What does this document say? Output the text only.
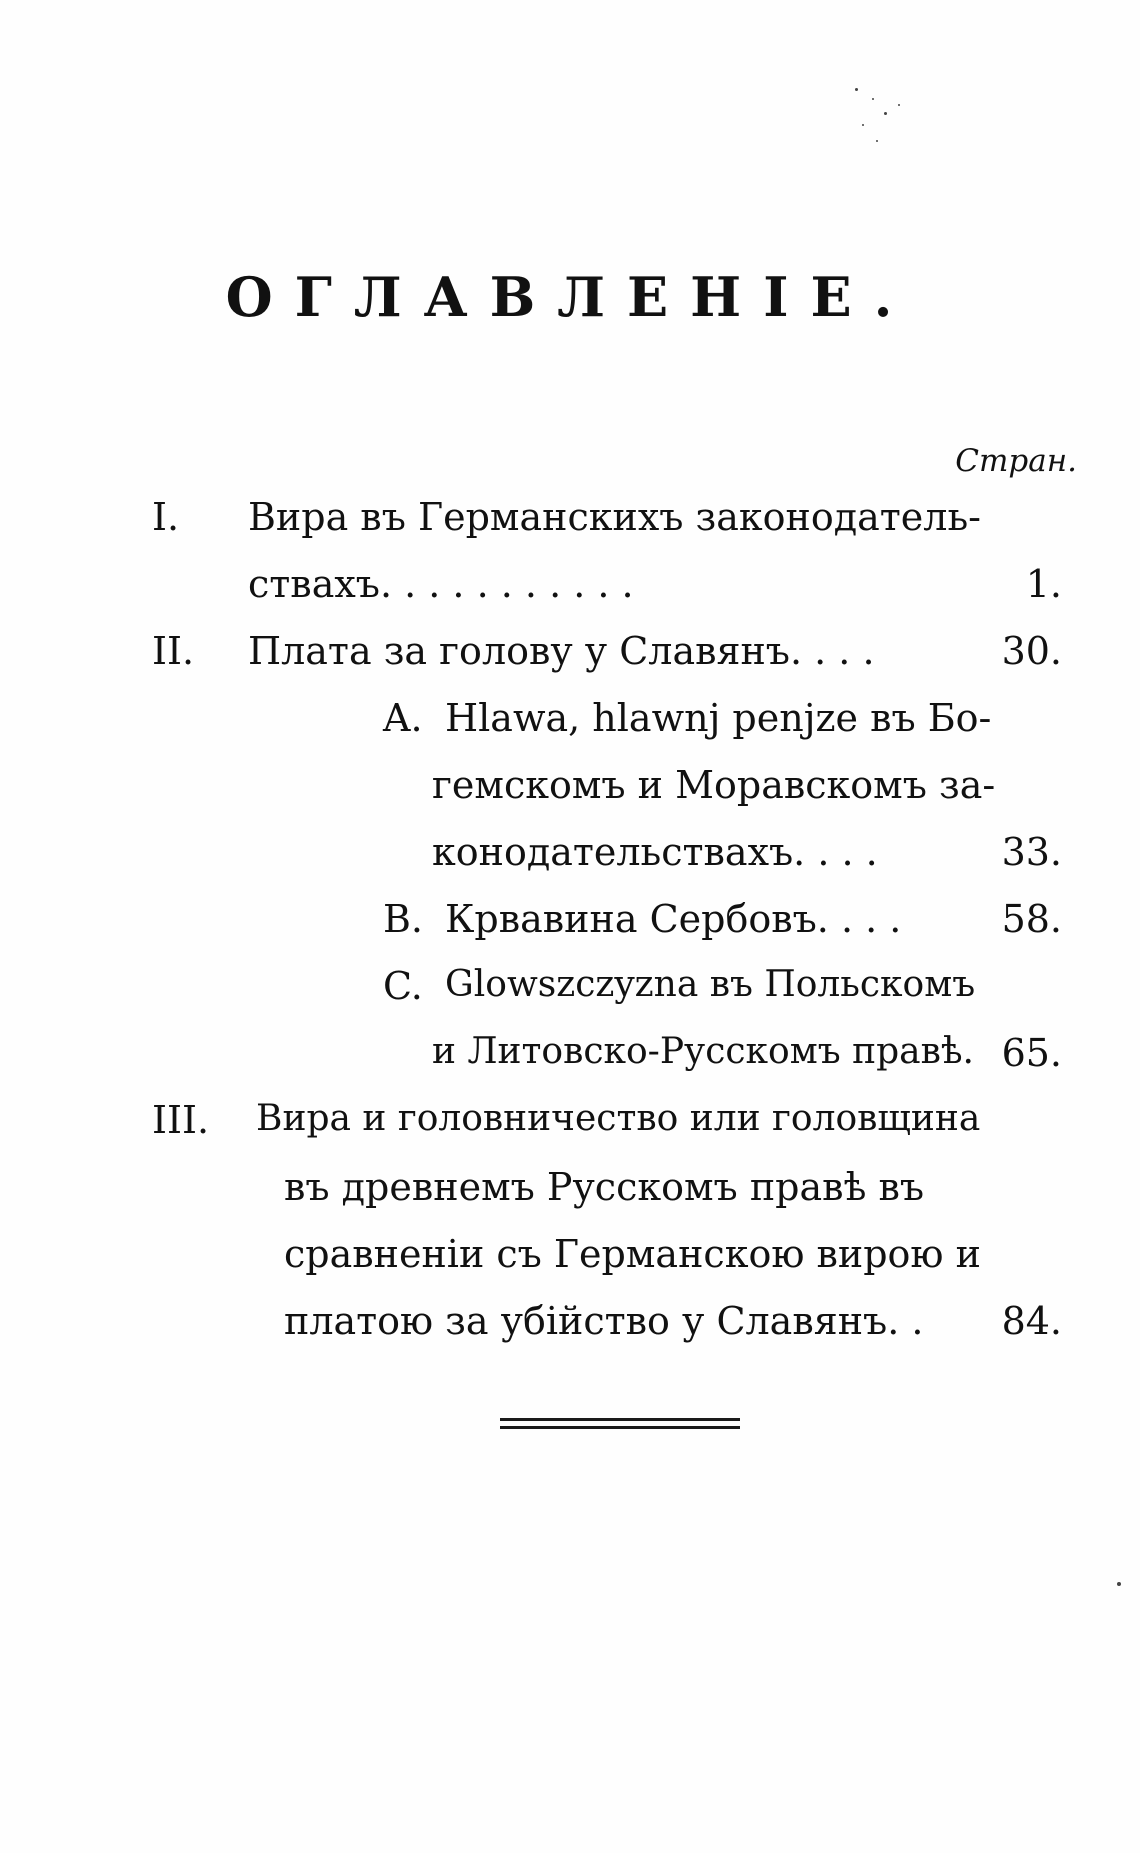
ОГЛАВЛЕНІЕ.
Стран.
I. Вира въ Германскихъ законодатель-
ствахъ. . . . . . . . . . .	1.
II. Плата за голову у Славянъ. . . .	30.
A. Hlawa, hlawnj penjze въ Бо-
гемскомъ и Моравскомъ за-
конодательствахъ. . . .	33.
B. Крвавина Сербовъ. . . .	58.
C. Glowszczyzna въ Польскомъ
и Литовско-Русскомъ правѣ. 65.
III. Вира и головничество или головщина
въ древнемъ Русскомъ правѣ въ
сравненіи съ Германскою вирою и
платою за убійство у Славянъ. . 84.
